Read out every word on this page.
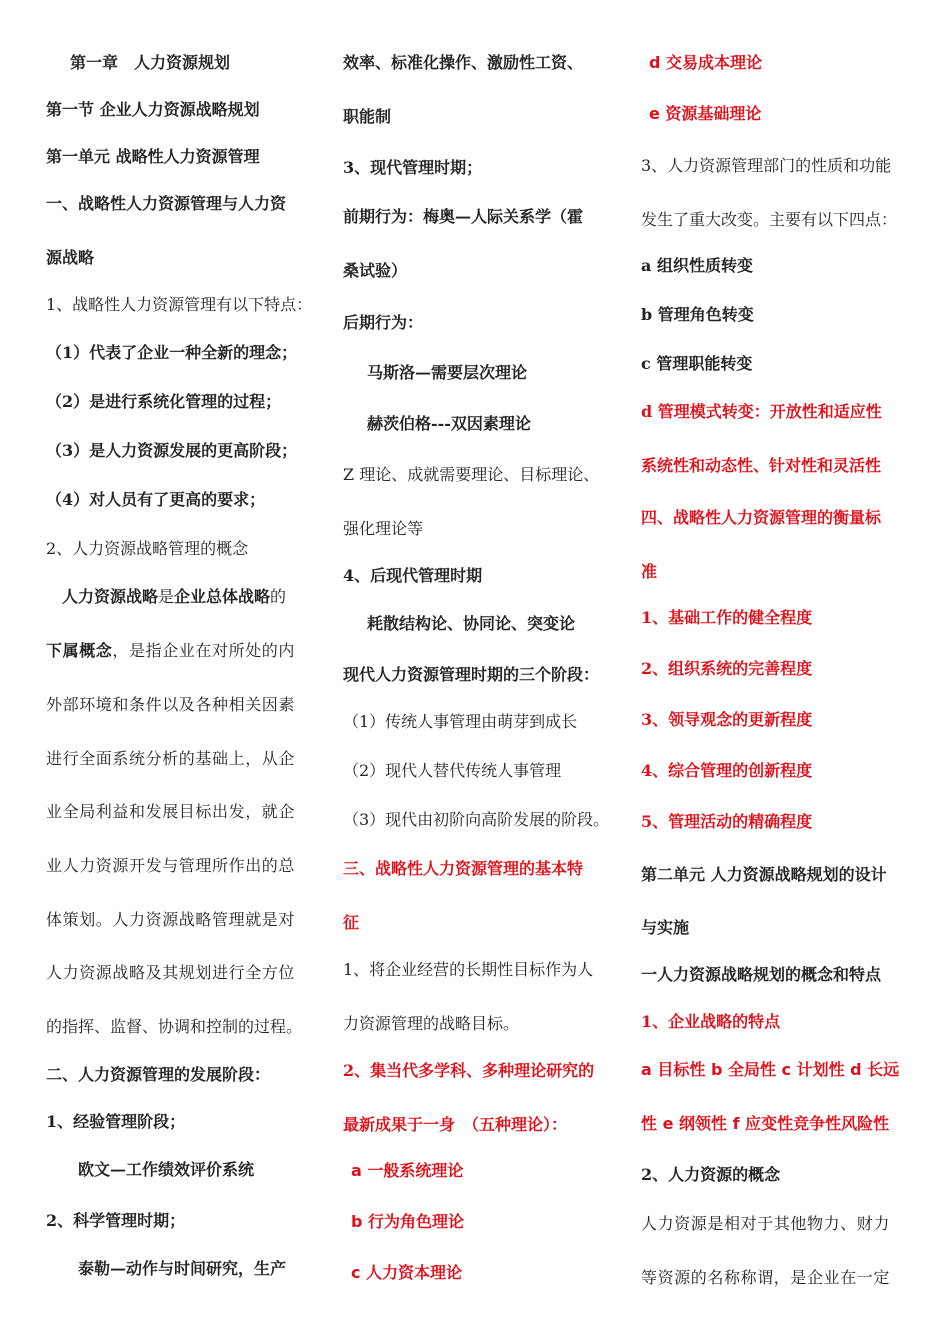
第一章　人力资源规划
第一节 企业人力资源战略规划
第一单元 战略性人力资源管理
一、战略性人力资源管理与人力资
源战略
1、战略性人力资源管理有以下特点：
（1）代表了企业一种全新的理念；
（2）是进行系统化管理的过程；
（3）是人力资源发展的更高阶段；
（4）对人员有了更高的要求；
2、人力资源战略管理的概念
人力资源战略是企业总体战略的
下属概念，是指企业在对所处的内
外部环境和条件以及各种相关因素
进行全面系统分析的基础上，从企
业全局利益和发展目标出发，就企
业人力资源开发与管理所作出的总
体策划。人力资源战略管理就是对
人力资源战略及其规划进行全方位
的指挥、监督、协调和控制的过程。
二、人力资源管理的发展阶段：
1、经验管理阶段；
欧文—工作绩效评价系统
2、科学管理时期；
泰勒—动作与时间研究，生产
效率、标准化操作、激励性工资、
职能制
3、现代管理时期；
前期行为：梅奥—人际关系学（霍
桑试验）
后期行为：
马斯洛—需要层次理论
赫茨伯格---双因素理论
Z 理论、成就需要理论、目标理论、
强化理论等
4、后现代管理时期
耗散结构论、协同论、突变论
现代人力资源管理时期的三个阶段：
（1）传统人事管理由萌芽到成长
（2）现代人替代传统人事管理
（3）现代由初阶向高阶发展的阶段。
三、战略性人力资源管理的基本特
征
1、将企业经营的长期性目标作为人
力资源管理的战略目标。
2、集当代多学科、多种理论研究的
最新成果于一身　（五种理论）：
a 一般系统理论
b 行为角色理论
c 人力资本理论
d 交易成本理论
e 资源基础理论
3、人力资源管理部门的性质和功能
发生了重大改变。主要有以下四点：
a 组织性质转变
b 管理角色转变
c 管理职能转变
d 管理模式转变：开放性和适应性
系统性和动态性、针对性和灵活性
四、战略性人力资源管理的衡量标
准
1、基础工作的健全程度
2、组织系统的完善程度
3、领导观念的更新程度
4、综合管理的创新程度
5、管理活动的精确程度
第二单元 人力资源战略规划的设计
与实施
一人力资源战略规划的概念和特点
1、企业战略的特点
a 目标性 b 全局性 c 计划性 d 长远
性 e 纲领性 f 应变性竞争性风险性
2、人力资源的概念
人力资源是相对于其他物力、财力
等资源的名称称谓，是企业在一定
